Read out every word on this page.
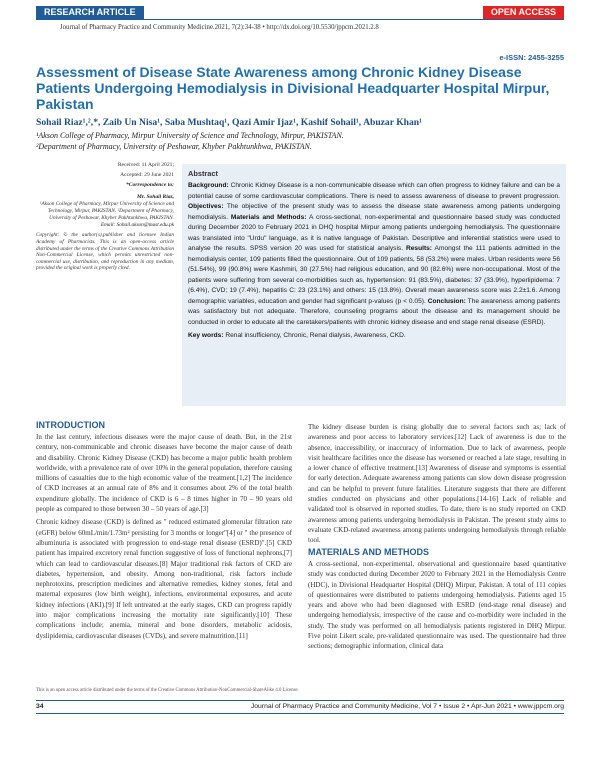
RESEARCH ARTICLE	OPEN ACCESS
Journal of Pharmacy Practice and Community Medicine.2021, 7(2):34-38 • http://dx.doi.org/10.5530/jppcm.2021.2.8
e-ISSN: 2455-3255
Assessment of Disease State Awareness among Chronic Kidney Disease Patients Undergoing Hemodialysis in Divisional Headquarter Hospital Mirpur, Pakistan
Sohail Riaz¹,²,*, Zaib Un Nisa¹, Saba Mushtaq¹, Qazi Amir Ijaz¹, Kashif Sohail¹, Abuzar Khan¹
¹Akson College of Pharmacy, Mirpur University of Science and Technology, Mirpur, PAKISTAN.
²Department of Pharmacy, University of Peshawar, Khyber Pakhtunkhwa, PAKISTAN.
Received: 11 April 2021;
Accepted: 29 June 2021
*Correspondence to:
Mr. Sohail Riaz,
¹Akson College of Pharmacy, Mirpur University of Science and Technology, Mirpur, PAKISTAN. ²Department of Pharmacy, University of Peshawar, Khyber Pakhtunkhwa, PAKISTAN.
Email: Sohail.akson@must.edu.pk
Copyright: © the author(s),publisher and licensee Indian Academy of Pharmacists. This is an open-access article distributed under the terms of the Creative Commons Attribution Non-Commercial License, which permits unrestricted non-commercial use, distribution, and reproduction in any medium, provided the original work is properly cited.
Abstract
Background: Chronic Kidney Disease is a non-communicable disease which can often progress to kidney failure and can be a potential cause of some cardiovascular complications. There is need to assess awareness of disease to prevent progression. Objectives: The objective of the present study was to assess the disease state awareness among patients undergoing hemodialysis. Materials and Methods: A cross-sectional, non-experimental and questionnaire based study was conducted during December 2020 to February 2021 in DHQ hospital Mirpur among patients undergoing hemodialysis. The questionnaire was translated into "Urdu" language, as it is native language of Pakistan. Descriptive and inferential statistics were used to analyse the results. SPSS version 20 was used for statistical analysis. Results: Amongst the 111 patients admitted in the hemodialysis center, 109 patients filled the questionnaire. Out of 109 patients, 58 (53.2%) were males. Urban residents were 56 (51.54%), 99 (90.8%) were Kashmiri, 30 (27.5%) had religious education, and 90 (82.6%) were non-occupational. Most of the patients were suffering from several co-morbidities such as, hypertension: 91 (83.5%), diabetes: 37 (33.9%), hyperlipidema: 7 (6.4%), CVD; 19 (7.4%), hepatitis C: 23 (23.1%) and others: 15 (13.8%). Overall mean awareness score was 2.2±1.6. Among demographic variables, education and gender had significant p-values (p < 0.05). Conclusion: The awareness among patients was satisfactory but not adequate. Therefore, counseling programs about the disease and its management should be conducted in order to educate all the caretakers/patients with chronic kidney disease and end stage renal disease (ESRD).
Key words: Renal insufficiency, Chronic, Renal dialysis, Awareness, CKD.
INTRODUCTION

In the last century, infectious diseases were the major cause of death. But, in the 21st century, non-communicable and chronic diseases have become the major cause of death and disability. Chronic Kidney Disease (CKD) has become a major public health problem worldwide, with a prevalence rate of over 10% in the general population, therefore causing millions of casualties due to the high economic value of the treatment.[1,2] The incidence of CKD increases at an annual rate of 8% and it consumes about 2% of the total health expenditure globally. The incidence of CKD is 6 – 8 times higher in 70 – 90 years old people as compared to those between 30 – 50 years of age.[3]

Chronic kidney disease (CKD) is defined as " reduced estimated glomerular filtration rate (eGFR) below 60mL/min/1.73m² persisting for 3 months or longer"[4] or " the presence of albuminuria is associated with progression to end-stage renal disease (ESRD)".[5] CKD patient has impaired excretory renal function suggestive of loss of functional nephrons,[7] which can lead to cardiovascular diseases.[8] Major traditional risk factors of CKD are diabetes, hypertension, and obesity. Among non-traditional, risk factors include nephrotoxins, prescription medicines and alternative remedies, kidney stones, fetal and maternal exposures (low birth weight), infections, environmental exposures, and acute kidney infections (AKI).[9] If left untreated at the early stages, CKD can progress rapidly into major complications increasing the mortality rate significantly.[10] These complications include; anemia, mineral and bone disorders, metabolic acidosis, dyslipidemia, cardiovascular diseases (CVDs), and severe malnutrition.[11]

The kidney disease burden is rising globally due to several factors such as; lack of awareness and poor access to laboratory services.[12] Lack of awareness is due to the absence, inaccessibility, or inaccuracy of information. Due to lack of awareness, people visit healthcare facilities once the disease has worsened or reached a late stage, resulting in a lower chance of effective treatment.[13] Awareness of disease and symptoms is essential for early detection. Adequate awareness among patients can slow down disease progression and can be helpful to prevent future fatalities. Literature suggests that there are different studies conducted on physicians and other populations.[14-16] Lack of reliable and validated tool is observed in reported studies. To date, there is no study reported on CKD awareness among patients undergoing hemodialysis in Pakistan. The present study aims to evaluate CKD-related awareness among patients undergoing hemodialysis through reliable tool.

MATERIALS AND METHODS

A cross-sectional, non-experimental, observational and questionnaire based quantitative study was conducted during December 2020 to February 2021 in the Hemodialysis Centre (HDC), in Divisional Headquarter Hospital (DHQ) Mirpur, Pakistan. A total of 111 copies of questionnaires were distributed to patients undergoing hemodialysis. Patients aged 15 years and above who had been diagnosed with ESRD (end-stage renal disease) and undergoing hemodialysis, irrespective of the cause and co-morbidity were included in the study. The study was performed on all hemodialysis patients registered in DHQ Mirpur. Five point Likert scale, pre-validated questionnaire was used. The questionnaire had three sections; demographic information, clinical data

This is an open access article distributed under the terms of the Creative Commons Attribution-NonCommercial-ShareAlike 4.0 License.
34	Journal of Pharmacy Practice and Community Medicine, Vol 7 • Issue 2 • Apr-Jun 2021 • www.jppcm.org
